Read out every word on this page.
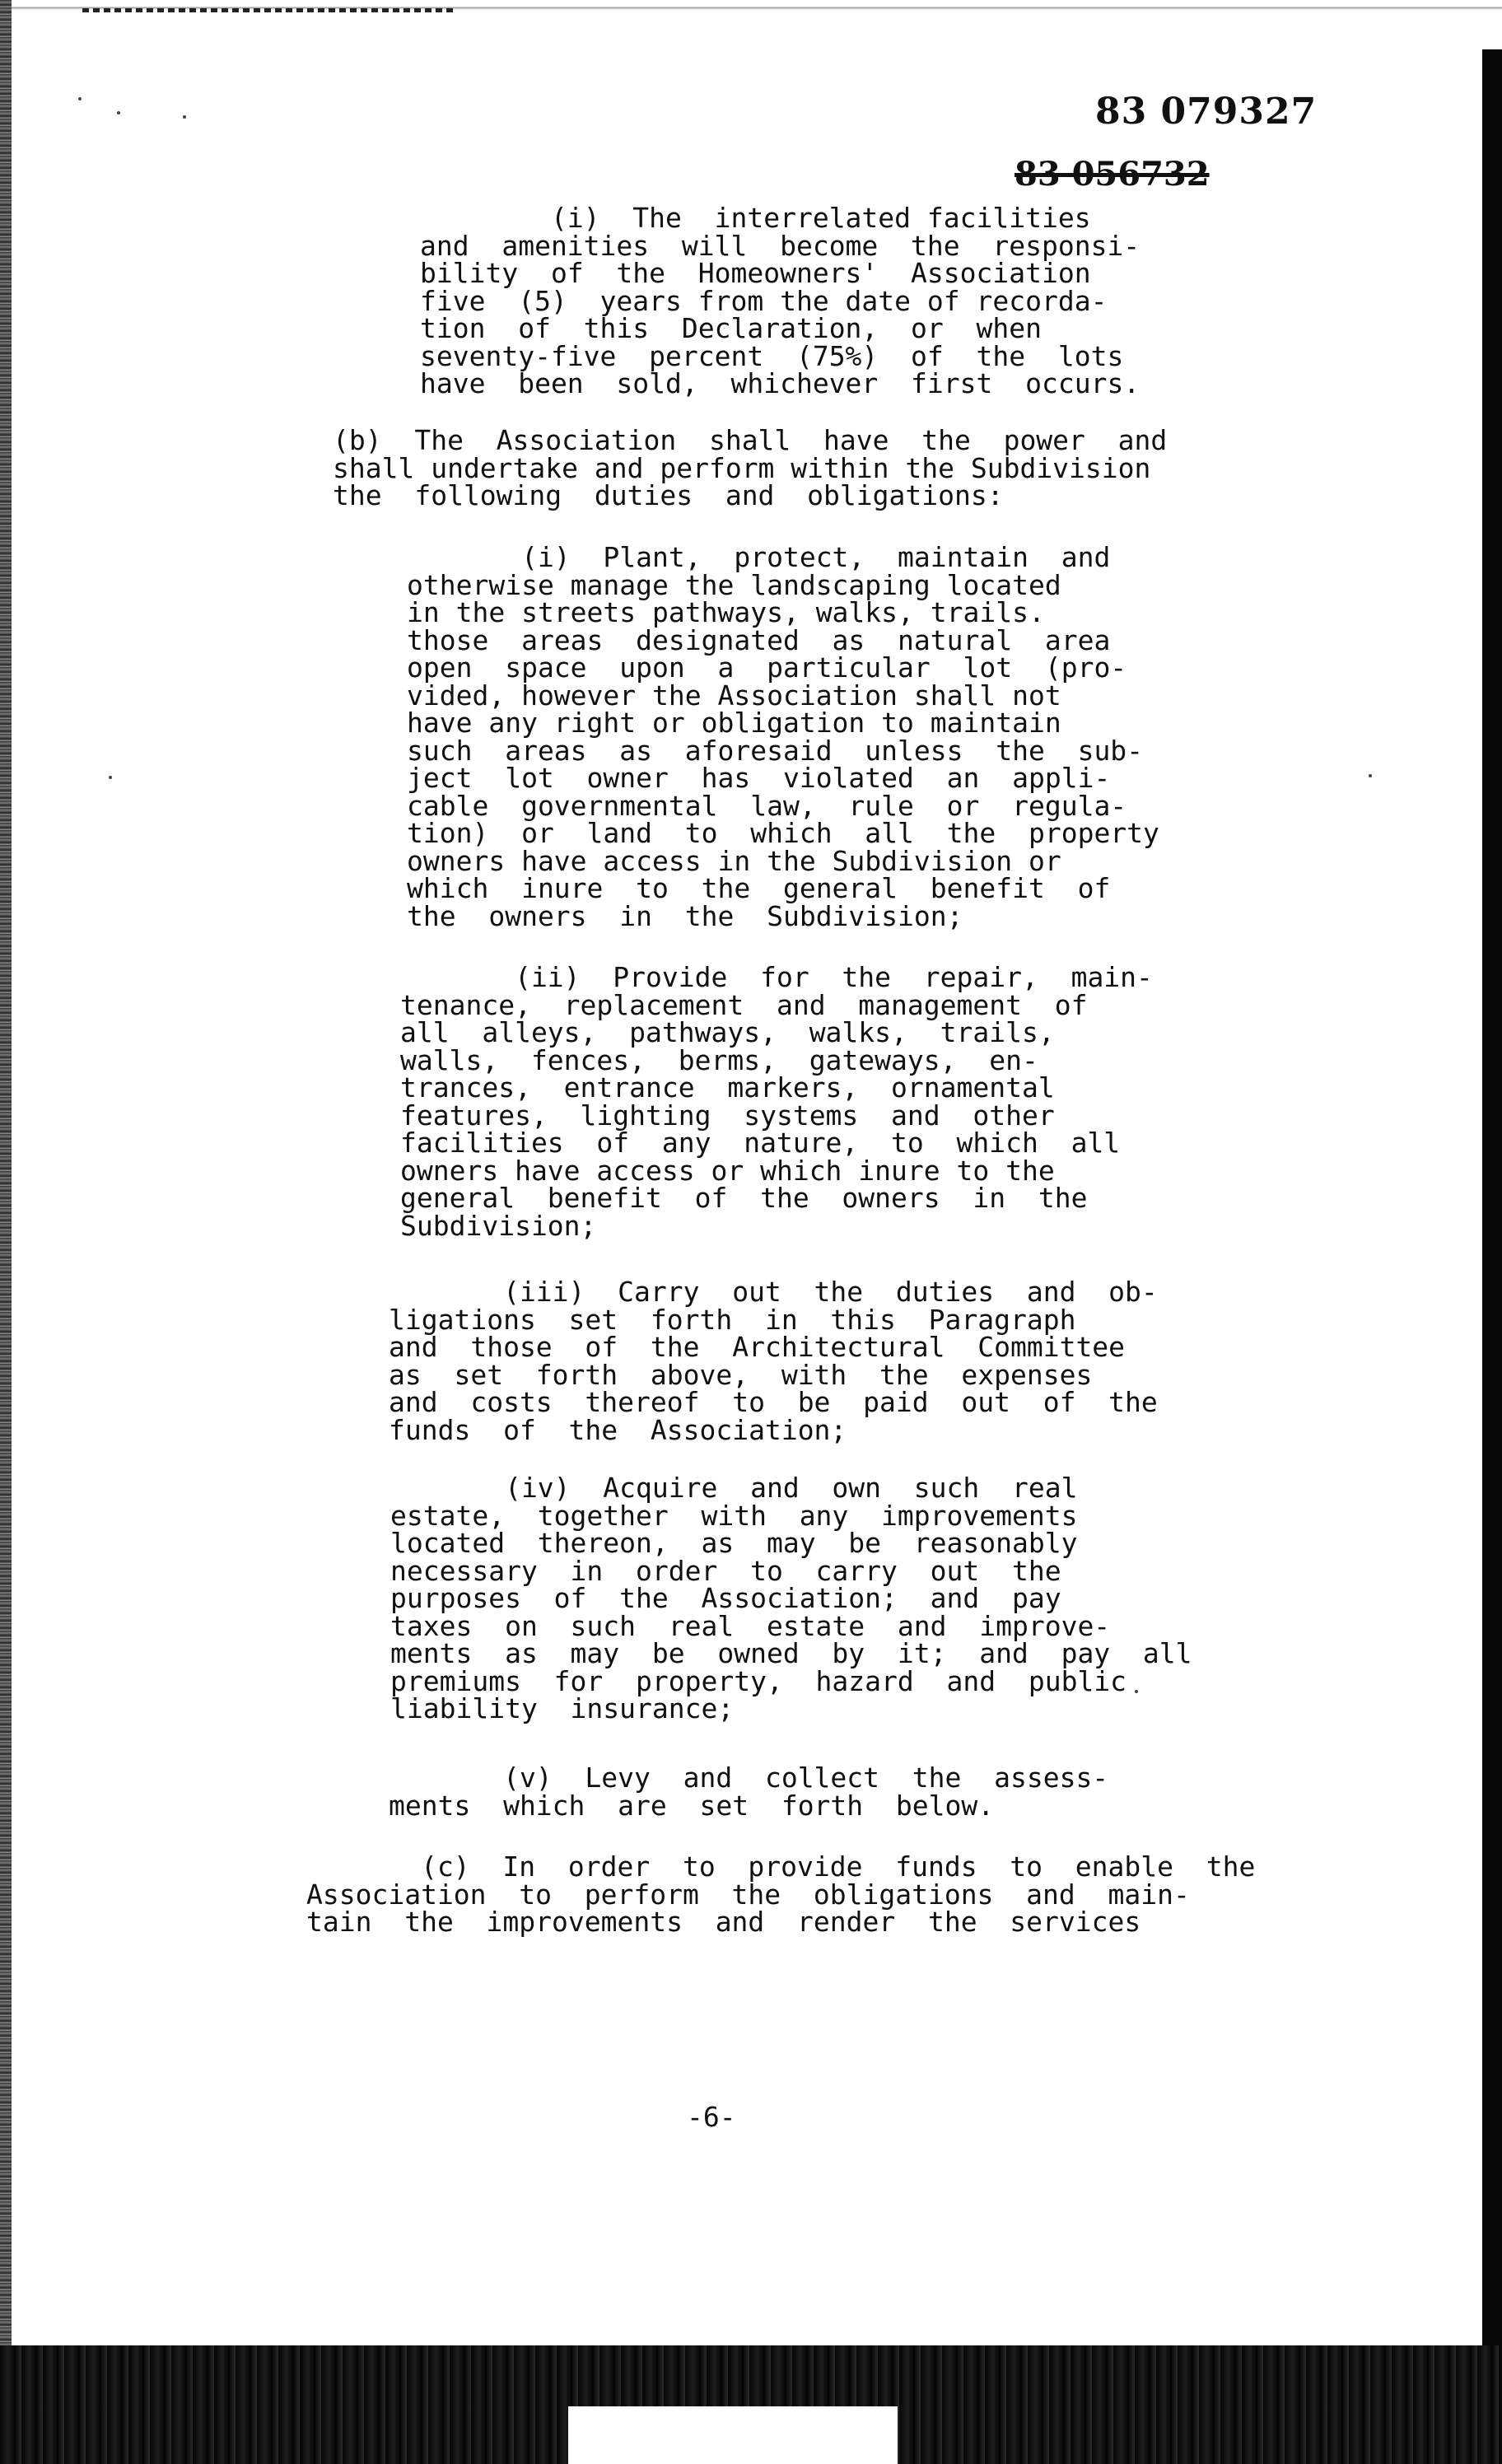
83 079327
83 056732
(i)  The  interrelated facilities
and  amenities  will  become  the  responsi-
bility  of  the  Homeowners'  Association
five  (5)  years from the date of recorda-
tion  of  this  Declaration,  or  when
seventy-five  percent  (75%)  of  the  lots
have  been  sold,  whichever  first  occurs.
(b)  The  Association  shall  have  the  power  and
shall undertake and perform within the Subdivision
the  following  duties  and  obligations:
(i)  Plant,  protect,  maintain  and
otherwise manage the landscaping located
in the streets pathways, walks, trails.
those  areas  designated  as  natural  area
open  space  upon  a  particular  lot  (pro-
vided, however the Association shall not
have any right or obligation to maintain
such  areas  as  aforesaid  unless  the  sub-
ject  lot  owner  has  violated  an  appli-
cable  governmental  law,  rule  or  regula-
tion)  or  land  to  which  all  the  property
owners have access in the Subdivision or
which  inure  to  the  general  benefit  of
the  owners  in  the  Subdivision;
(ii)  Provide  for  the  repair,  main-
tenance,  replacement  and  management  of
all  alleys,  pathways,  walks,  trails,
walls,  fences,  berms,  gateways,  en-
trances,  entrance  markers,  ornamental
features,  lighting  systems  and  other
facilities  of  any  nature,  to  which  all
owners have access or which inure to the
general  benefit  of  the  owners  in  the
Subdivision;
(iii)  Carry  out  the  duties  and  ob-
ligations  set  forth  in  this  Paragraph
and  those  of  the  Architectural  Committee
as  set  forth  above,  with  the  expenses
and  costs  thereof  to  be  paid  out  of  the
funds  of  the  Association;
(iv)  Acquire  and  own  such  real
estate,  together  with  any  improvements
located  thereon,  as  may  be  reasonably
necessary  in  order  to  carry  out  the
purposes  of  the  Association;  and  pay
taxes  on  such  real  estate  and  improve-
ments  as  may  be  owned  by  it;  and  pay  all
premiums  for  property,  hazard  and  public
liability  insurance;
(v)  Levy  and  collect  the  assess-
ments  which  are  set  forth  below.
(c)  In  order  to  provide  funds  to  enable  the
Association  to  perform  the  obligations  and  main-
tain  the  improvements  and  render  the  services
-6-
